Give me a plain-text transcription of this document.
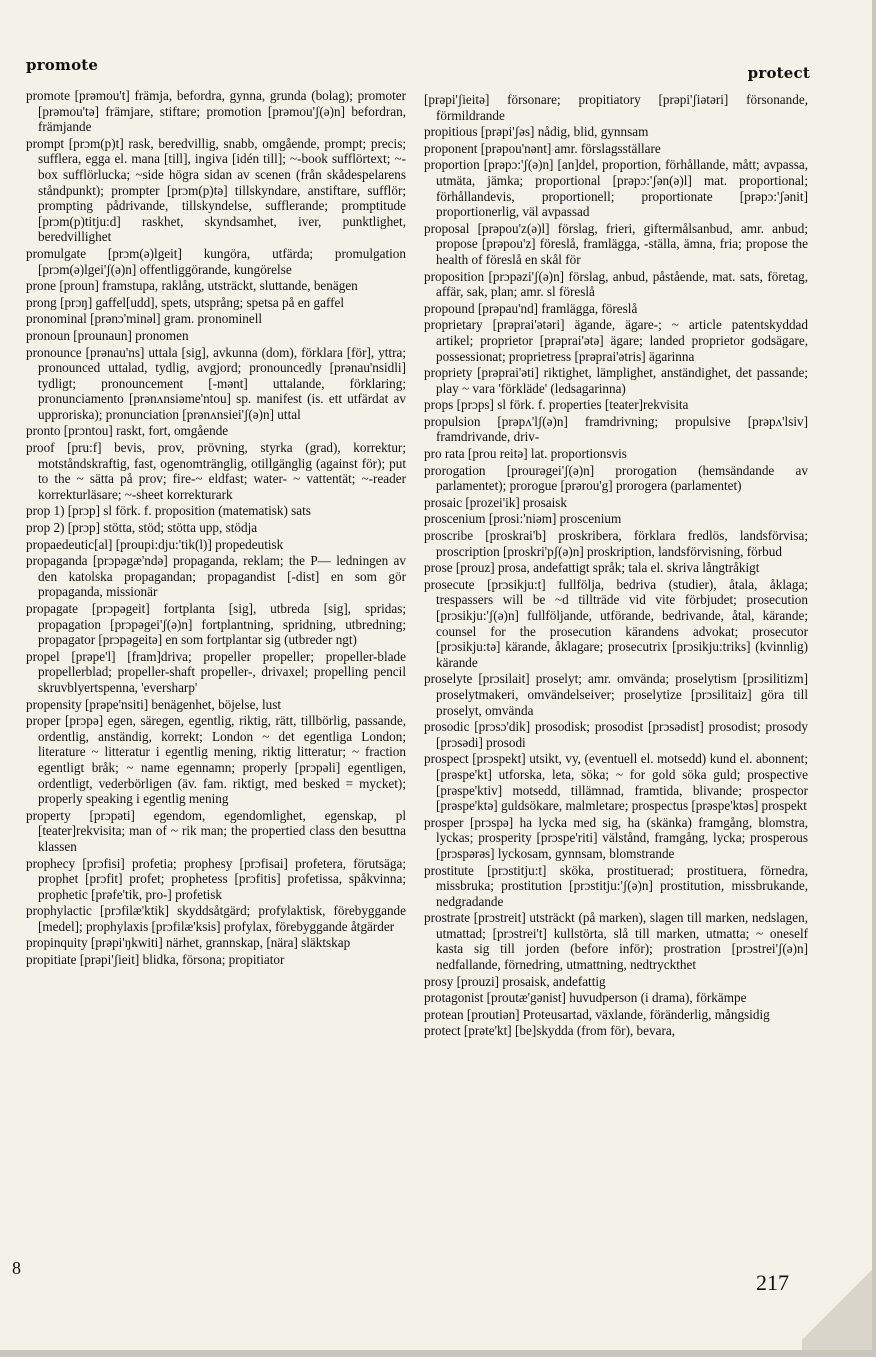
promote	protect
promote [prəmou't] främja, befordra, gynna, grunda (bolag); promoter [prəmou'tə] främjare, stiftare; promotion [prəmou'ʃ(ə)n] befordran, främjande
prompt [prɔm(p)t] rask, beredvillig, snabb, omgående, prompt; precis; sufflera, egga el. mana [till], ingiva [idén till]; ~-book sufflörtext; ~-box sufflörlucka; ~side högra sidan av scenen (från skådespelarens ståndpunkt); prompter [prɔm(p)tə] tillskyndare, anstiftare, sufflör; prompting pådrivande, tillskyndelse, sufflerande; promptitude [prɔm(p)titju:d] raskhet, skyndsamhet, iver, punktlighet, beredvillighet
promulgate [prɔm(ə)lgeit] kungöra, utfärda; promulgation [prɔm(ə)lgei'ʃ(ə)n] offentliggörande, kungörelse
prone [proun] framstupa, raklång, utsträckt, sluttande, benägen
prong [prɔŋ] gaffel[udd], spets, utsprång; spetsa på en gaffel
pronominal [prənɔ'minəl] gram. pronominell
pronoun [prounaun] pronomen
pronounce [prənau'ns] uttala [sig], avkunna (dom), förklara [för], yttra; pronounced uttalad, tydlig, avgjord; pronouncedly [prənau'nsidli] tydligt; pronouncement [-mənt] uttalande, förklaring; pronunciamento [prənʌnsiəme'ntou] sp. manifest (is. ett utfärdat av upproriska); pronunciation [prənʌnsiei'ʃ(ə)n] uttal
pronto [prɔntou] raskt, fort, omgående
proof [pru:f] bevis, prov, prövning, styrka (grad), korrektur; motståndskraftig, fast, ogenomtränglig, otillgänglig (against för); put to the ~ sätta på prov; fire-~ eldfast; water- ~ vattentät; ~-reader korrekturläsare; ~-sheet korrekturark
prop 1) [prɔp] sl förk. f. proposition (matematisk) sats
prop 2) [prɔp] stötta, stöd; stötta upp, stödja
propaedeutic[al] [proupi:dju:'tik(l)] propedeutisk
propaganda [prɔpəgæ'ndə] propaganda, reklam; the P— ledningen av den katolska propagandan; propagandist [-dist] en som gör propaganda, missionär
propagate [prɔpəgeit] fortplanta [sig], utbreda [sig], spridas; propagation [prɔpəgei'ʃ(ə)n] fortplantning, spridning, utbredning; propagator [prɔpəgeitə] en som fortplantar sig (utbreder ngt)
propel [prəpe'l] [fram]driva; propeller propeller; propeller-blade propellerblad; propeller-shaft propeller-, drivaxel; propelling pencil skruvblyertspenna, 'eversharp'
propensity [prəpe'nsiti] benägenhet, böjelse, lust
proper [prɔpə] egen, säregen, egentlig, riktig, rätt, tillbörlig, passande, ordentlig, anständig, korrekt; London ~ det egentliga London; literature ~ litteratur i egentlig mening, riktig litteratur; ~ fraction egentligt bråk; ~ name egennamn; properly [prɔpəli] egentligen, ordentligt, vederbörligen (äv. fam. riktigt, med besked = mycket); properly speaking i egentlig mening
property [prɔpəti] egendom, egendomlighet, egenskap, pl [teater]rekvisita; man of ~ rik man; the propertied class den besuttna klassen
prophecy [prɔfisi] profetia; prophesy [prɔfisai] profetera, förutsäga; prophet [prɔfit] profet; prophetess [prɔfitis] profetissa, spåkvinna; prophetic [prəfe'tik, pro-] profetisk
prophylactic [prɔfilæ'ktik] skyddsåtgärd; profylaktisk, förebyggande [medel]; prophylaxis [prɔfilæ'ksis] profylax, förebyggande åtgärder
propinquity [prəpi'ŋkwiti] närhet, grannskap, [nära] släktskap
propitiate [prəpi'ʃieit] blidka, försona; propitiator
[prəpi'ʃieitə] försonare; propitiatory [prəpi'ʃiətəri] försonande, förmildrande
propitious [prəpi'ʃəs] nådig, blid, gynnsam
proponent [prəpou'nənt] amr. förslagsställare
proportion [prəpɔ:'ʃ(ə)n] [an]del, proportion, förhållande, mått; avpassa, utmäta, jämka; proportional [prəpɔ:'ʃən(ə)l] mat. proportional; förhållandevis, proportionell; proportionate [prəpɔ:'ʃənit] proportionerlig, väl avpassad
proposal [prəpou'z(ə)l] förslag, frieri, giftermålsanbud, amr. anbud; propose [prəpou'z] föreslå, framlägga, -ställa, ämna, fria; propose the health of föreslå en skål för
proposition [prɔpəzi'ʃ(ə)n] förslag, anbud, påstående, mat. sats, företag, affär, sak, plan; amr. sl föreslå
propound [prəpau'nd] framlägga, föreslå
proprietary [prəprai'ətəri] ägande, ägare-; ~ article patentskyddad artikel; proprietor [prəprai'ətə] ägare; landed proprietor godsägare, possessionat; proprietress [prəprai'ətris] ägarinna
propriety [prəprai'əti] riktighet, lämplighet, anständighet, det passande; play ~ vara 'förkläde' (ledsagarinna)
props [prɔps] sl förk. f. properties [teater]rekvisita
propulsion [prəpʌ'lʃ(ə)n] framdrivning; propulsive [prəpʌ'lsiv] framdrivande, driv-
pro rata [prou reitə] lat. proportionsvis
prorogation [prourəgei'ʃ(ə)n] prorogation (hemsändande av parlamentet); prorogue [prərou'g] prorogera (parlamentet)
prosaic [prozei'ik] prosaisk
proscenium [prosi:'niəm] proscenium
proscribe [proskrai'b] proskribera, förklara fredlös, landsförvisa; proscription [proskri'pʃ(ə)n] proskription, landsförvisning, förbud
prose [prouz] prosa, andefattigt språk; tala el. skriva långtråkigt
prosecute [prɔsikju:t] fullfölja, bedriva (studier), åtala, åklaga; trespassers will be ~d tillträde vid vite förbjudet; prosecution [prɔsikju:'ʃ(ə)n] fullföljande, utförande, bedrivande, åtal, kärande; counsel for the prosecution kärandens advokat; prosecutor [prɔsikju:tə] kärande, åklagare; prosecutrix [prɔsikju:triks] (kvinnlig) kärande
proselyte [prɔsilait] proselyt; amr. omvända; proselytism [prɔsilitizm] proselytmakeri, omvändelseiver; proselytize [prɔsilitaiz] göra till proselyt, omvända
prosodic [prɔsɔ'dik] prosodisk; prosodist [prɔsədist] prosodist; prosody [prɔsədi] prosodi
prospect [prɔspekt] utsikt, vy, (eventuell el. motsedd) kund el. abonnent; [prəspe'kt] utforska, leta, söka; ~ for gold söka guld; prospective [prəspe'ktiv] motsedd, tillämnad, framtida, blivande; prospector [prəspe'ktə] guldsökare, malmletare; prospectus [prəspe'ktəs] prospekt
prosper [prɔspə] ha lycka med sig, ha (skänka) framgång, blomstra, lyckas; prosperity [prɔspe'riti] välstånd, framgång, lycka; prosperous [prɔspərəs] lyckosam, gynnsam, blomstrande
prostitute [prɔstitju:t] sköka, prostituerad; prostituera, förnedra, missbruka; prostitution [prɔstitju:'ʃ(ə)n] prostitution, missbrukande, nedgradande
prostrate [prɔstreit] utsträckt (på marken), slagen till marken, nedslagen, utmattad; [prɔstrei't] kullstörta, slå till marken, utmatta; ~ oneself kasta sig till jorden (before inför); prostration [prɔstrei'ʃ(ə)n] nedfallande, förnedring, utmattning, nedtryckthet
prosy [prouzi] prosaisk, andefattig
protagonist [proutæ'gənist] huvudperson (i drama), förkämpe
protean [proutiən] Proteusartad, växlande, föränderlig, mångsidig
protect [prəte'kt] [be]skydda (from för), bevara,
8
217
